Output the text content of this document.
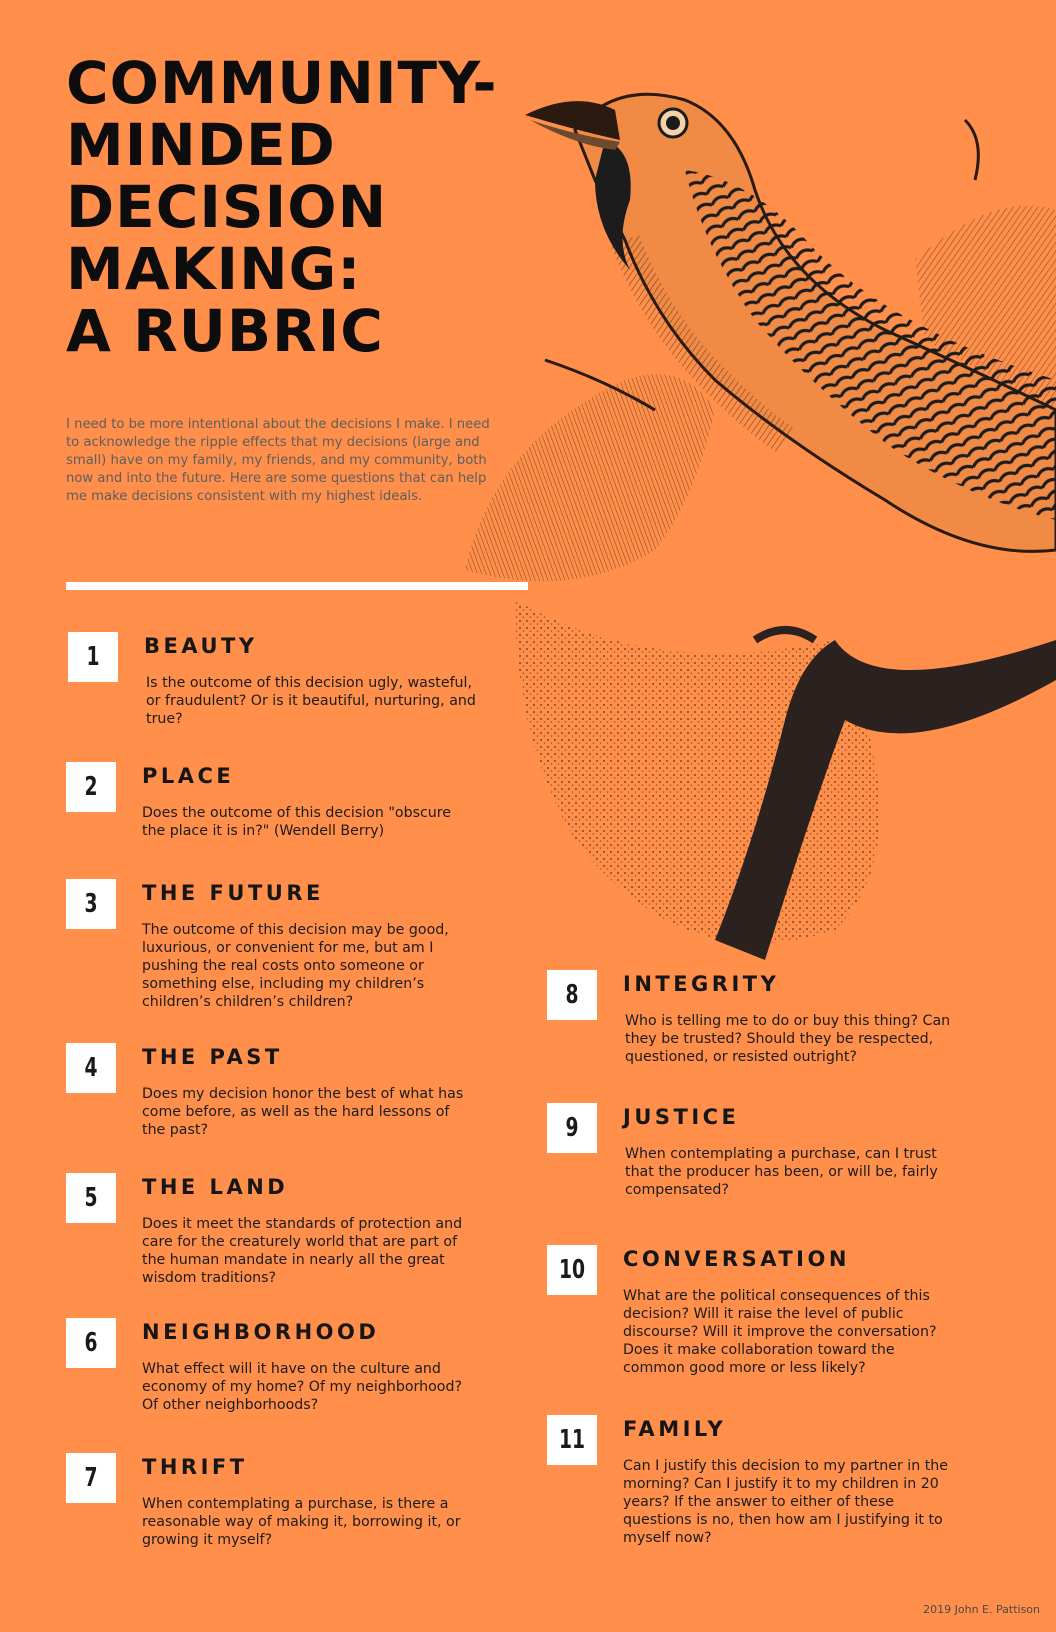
COMMUNITY-
MINDED
DECISION
MAKING:
A RUBRIC

I need to be more intentional about the decisions I make. I need to acknowledge the ripple effects that my decisions (large and small) have on my family, my friends, and my community, both now and into the future. Here are some questions that can help me make decisions consistent with my highest ideals.

1	BEAUTY

Is the outcome of this decision ugly, wasteful, or fraudulent? Or is it beautiful, nurturing, and true?

2	PLACE

Does the outcome of this decision "obscure the place it is in?" (Wendell Berry)

3	THE FUTURE

The outcome of this decision may be good, luxurious, or convenient for me, but am I pushing the real costs onto someone or something else, including my children’s children’s children’s children?

4	THE PAST

Does my decision honor the best of what has come before, as well as the hard lessons of the past?

5	THE LAND

Does it meet the standards of protection and care for the creaturely world that are part of the human mandate in nearly all the great wisdom traditions?

6	NEIGHBORHOOD

What effect will it have on the culture and economy of my home? Of my neighborhood? Of other neighborhoods?

7	THRIFT

When contemplating a purchase, is there a reasonable way of making it, borrowing it, or growing it myself?

8	INTEGRITY

Who is telling me to do or buy this thing? Can they be trusted? Should they be respected, questioned, or resisted outright?

9	JUSTICE

When contemplating a purchase, can I trust that the producer has been, or will be, fairly compensated?

10 CONVERSATION

What are the political consequences of this decision? Will it raise the level of public discourse? Will it improve the conversation? Does it make collaboration toward the common good more or less likely?

11 FAMILY

Can I justify this decision to my partner in the morning? Can I justify it to my children in 20 years? If the answer to either of these questions is no, then how am I justifying it to myself now?

2019 John E. Pattison
